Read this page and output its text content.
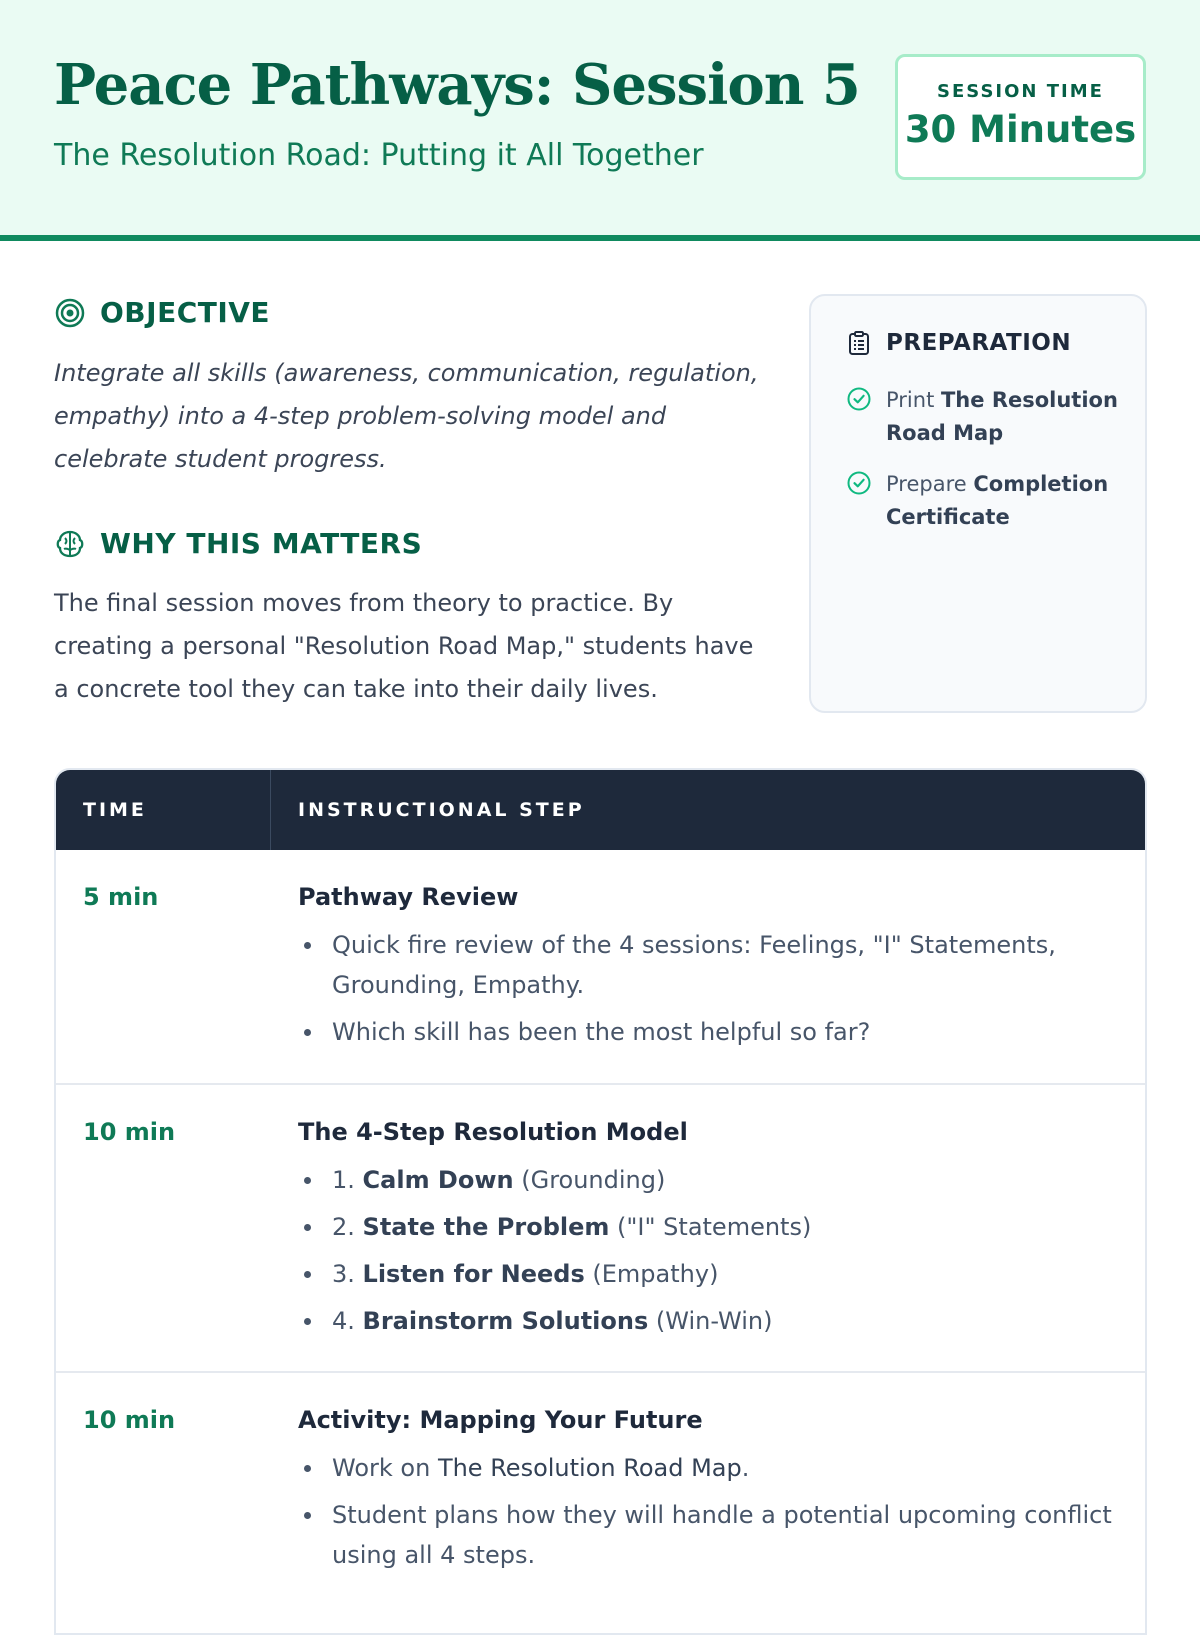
Peace Pathways: Session 5
The Resolution Road: Putting it All Together
SESSION TIME
30 Minutes
OBJECTIVE
Integrate all skills (awareness, communication, regulation, empathy) into a 4-step problem-solving model and celebrate student progress.
WHY THIS MATTERS
The final session moves from theory to practice. By creating a personal "Resolution Road Map," students have a concrete tool they can take into their daily lives.
PREPARATION
Print The Resolution Road Map
Prepare Completion Certificate
TIME	INSTRUCTIONAL STEP
5 min	Pathway Review
Quick fire review of the 4 sessions: Feelings, "I" Statements, Grounding, Empathy.
Which skill has been the most helpful so far?
10 min	The 4-Step Resolution Model
1. Calm Down (Grounding)
2. State the Problem ("I" Statements)
3. Listen for Needs (Empathy)
4. Brainstorm Solutions (Win-Win)
10 min	Activity: Mapping Your Future
Work on The Resolution Road Map.
Student plans how they will handle a potential upcoming conflict using all 4 steps.
